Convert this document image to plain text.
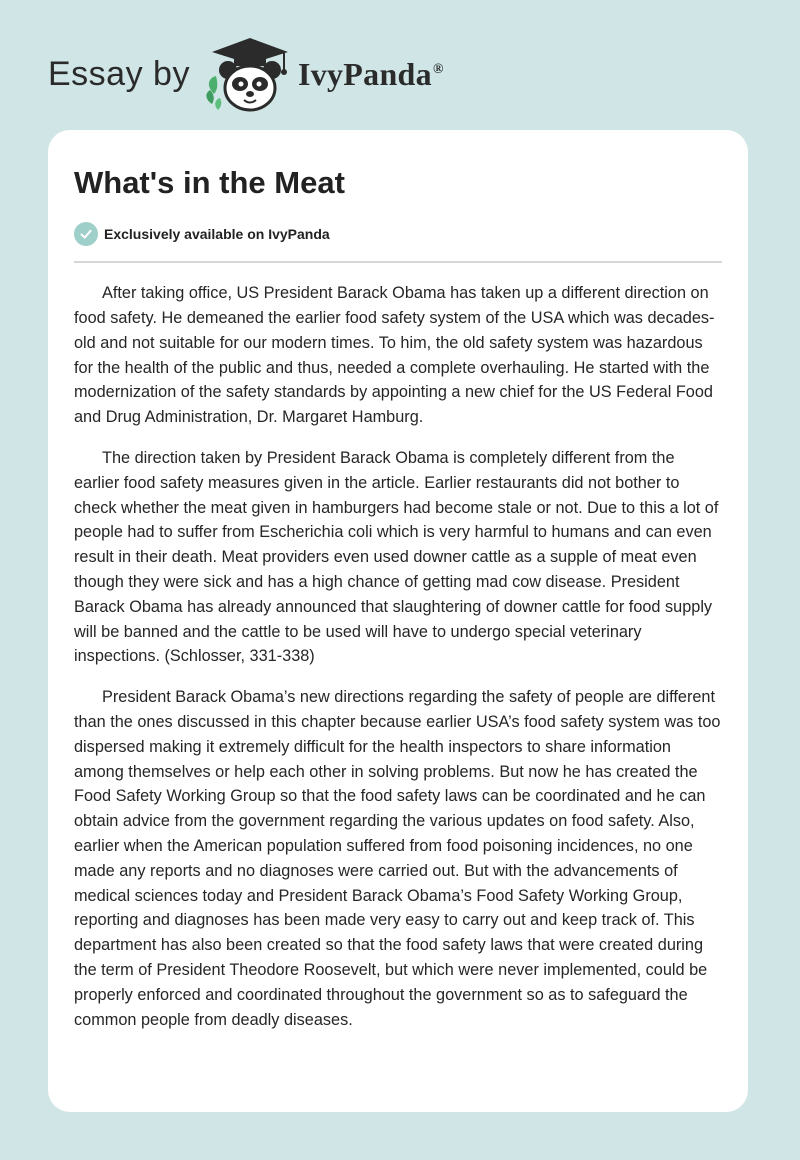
Essay by	IvyPanda®
What's in the Meat
Exclusively available on IvyPanda

After taking office, US President Barack Obama has taken up a different direction on food safety. He demeaned the earlier food safety system of the USA which was decades-old and not suitable for our modern times. To him, the old safety system was hazardous for the health of the public and thus, needed a complete overhauling. He started with the modernization of the safety standards by appointing a new chief for the US Federal Food and Drug Administration, Dr. Margaret Hamburg.

The direction taken by President Barack Obama is completely different from the earlier food safety measures given in the article. Earlier restaurants did not bother to check whether the meat given in hamburgers had become stale or not. Due to this a lot of people had to suffer from Escherichia coli which is very harmful to humans and can even result in their death. Meat providers even used downer cattle as a supple of meat even though they were sick and has a high chance of getting mad cow disease. President Barack Obama has already announced that slaughtering of downer cattle for food supply will be banned and the cattle to be used will have to undergo special veterinary inspections. (Schlosser, 331-338)

President Barack Obama’s new directions regarding the safety of people are different than the ones discussed in this chapter because earlier USA’s food safety system was too dispersed making it extremely difficult for the health inspectors to share information among themselves or help each other in solving problems. But now he has created the Food Safety Working Group so that the food safety laws can be coordinated and he can obtain advice from the government regarding the various updates on food safety. Also, earlier when the American population suffered from food poisoning incidences, no one made any reports and no diagnoses were carried out. But with the advancements of medical sciences today and President Barack Obama’s Food Safety Working Group, reporting and diagnoses has been made very easy to carry out and keep track of. This department has also been created so that the food safety laws that were created during the term of President Theodore Roosevelt, but which were never implemented, could be properly enforced and coordinated throughout the government so as to safeguard the common people from deadly diseases.
